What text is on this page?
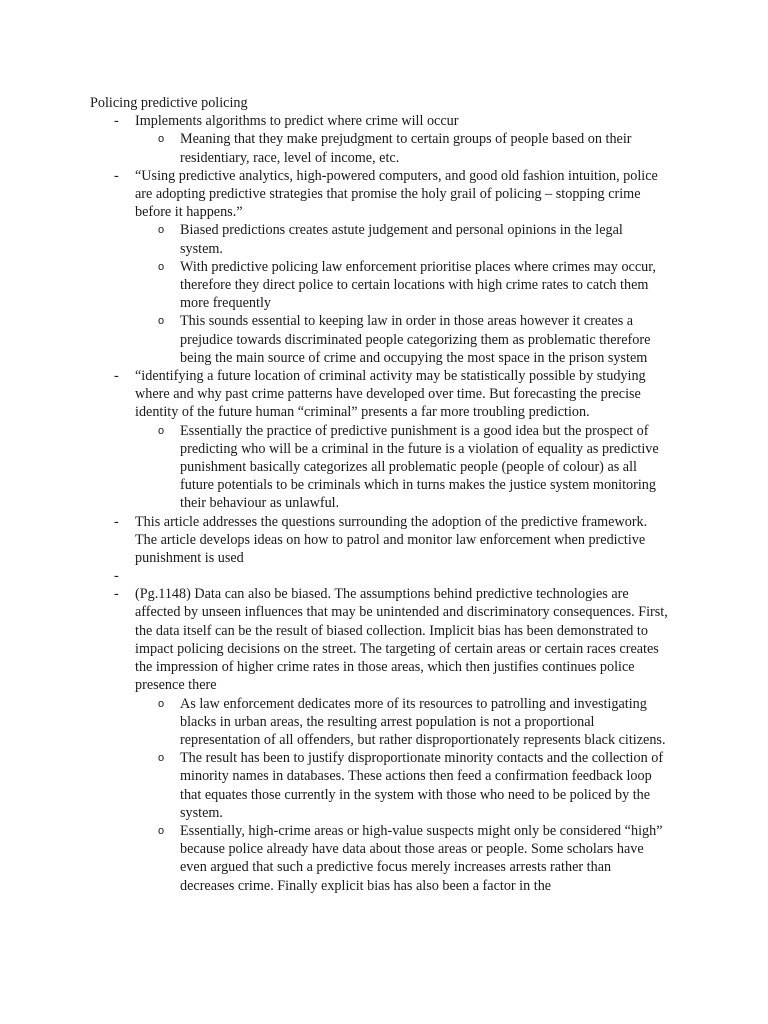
Policing predictive policing

- Implements algorithms to predict where crime will occur
o Meaning that they make prejudgment to certain groups of people based on their residentiary, race, level of income, etc.
- “Using predictive analytics, high-powered computers, and good old fashion intuition, police are adopting predictive strategies that promise the holy grail of policing – stopping crime before it happens.”
o Biased predictions creates astute judgement and personal opinions in the legal system.
o With predictive policing law enforcement prioritise places where crimes may occur, therefore they direct police to certain locations with high crime rates to catch them more frequently
o This sounds essential to keeping law in order in those areas however it creates a prejudice towards discriminated people categorizing them as problematic therefore being the main source of crime and occupying the most space in the prison system
- “identifying a future location of criminal activity may be statistically possible by studying where and why past crime patterns have developed over time. But forecasting the precise identity of the future human “criminal” presents a far more troubling prediction.
o Essentially the practice of predictive punishment is a good idea but the prospect of predicting who will be a criminal in the future is a violation of equality as predictive punishment basically categorizes all problematic people (people of colour) as all future potentials to be criminals which in turns makes the justice system monitoring their behaviour as unlawful.
- This article addresses the questions surrounding the adoption of the predictive framework. The article develops ideas on how to patrol and monitor law enforcement when predictive punishment is used
-
- (Pg.1148) Data can also be biased. The assumptions behind predictive technologies are affected by unseen influences that may be unintended and discriminatory consequences. First, the data itself can be the result of biased collection. Implicit bias has been demonstrated to impact policing decisions on the street. The targeting of certain areas or certain races creates the impression of higher crime rates in those areas, which then justifies continues police presence there
o As law enforcement dedicates more of its resources to patrolling and investigating blacks in urban areas, the resulting arrest population is not a proportional representation of all offenders, but rather disproportionately represents black citizens.
o The result has been to justify disproportionate minority contacts and the collection of minority names in databases. These actions then feed a confirmation feedback loop that equates those currently in the system with those who need to be policed by the system.
o Essentially, high-crime areas or high-value suspects might only be considered “high” because police already have data about those areas or people. Some scholars have even argued that such a predictive focus merely increases arrests rather than decreases crime. Finally explicit bias has also been a factor in the
